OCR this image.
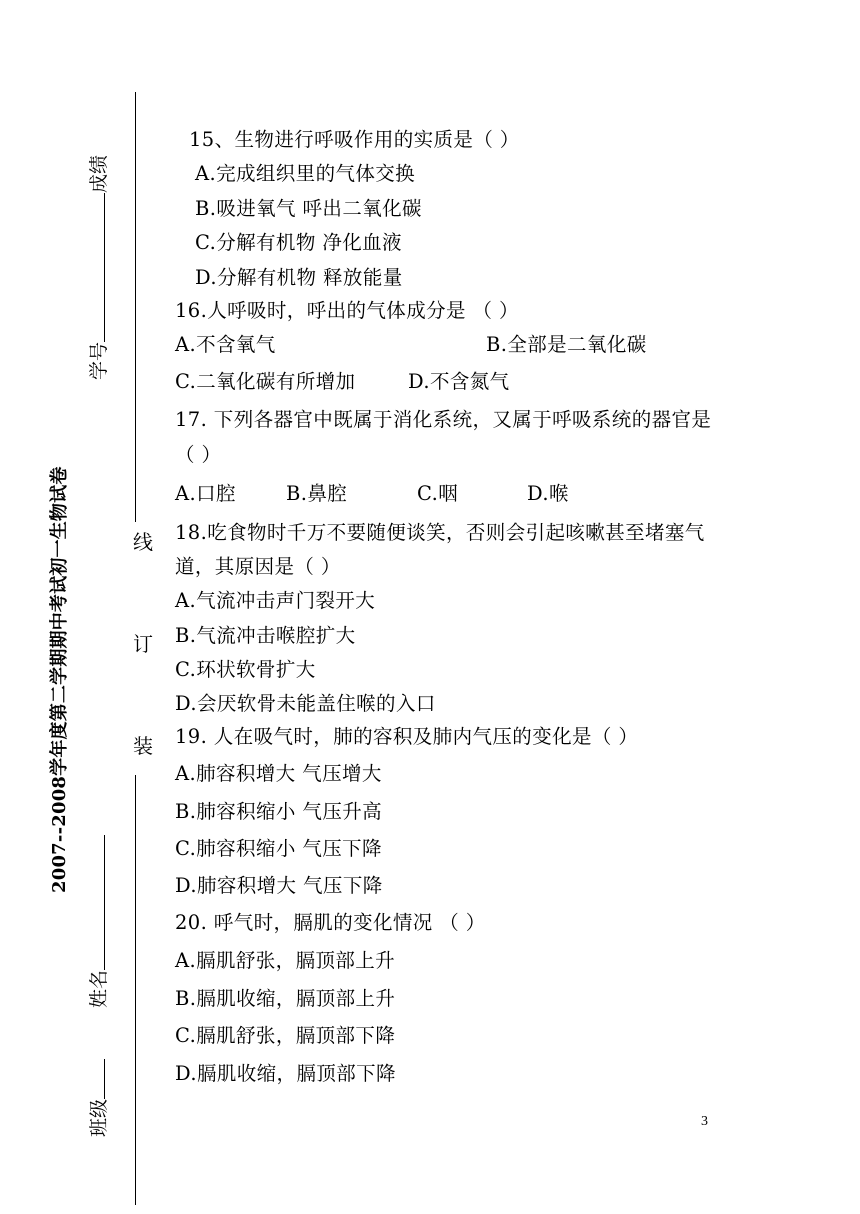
线
订
装
2007--2008学年度第二学期期中考试初一生物试卷
成绩
学号
姓名
班级
15、生物进行呼吸作用的实质是（ ）
A.完成组织里的气体交换
B.吸进氧气 呼出二氧化碳
C.分解有机物 净化血液
D.分解有机物 释放能量
16.人呼吸时，呼出的气体成分是 （ ）
A.不含氧气	B.全部是二氧化碳
C.二氧化碳有所增加	D.不含氮气
17. 下列各器官中既属于消化系统，又属于呼吸系统的器官是
（ ）
A.口腔	B.鼻腔	C.咽	D.喉
18.吃食物时千万不要随便谈笑，否则会引起咳嗽甚至堵塞气
道，其原因是（ ）
A.气流冲击声门裂开大
B.气流冲击喉腔扩大
C.环状软骨扩大
D.会厌软骨未能盖住喉的入口
19. 人在吸气时，肺的容积及肺内气压的变化是（ ）
A.肺容积增大 气压增大
B.肺容积缩小 气压升高
C.肺容积缩小 气压下降
D.肺容积增大 气压下降
20. 呼气时，膈肌的变化情况 （ ）
A.膈肌舒张，膈顶部上升
B.膈肌收缩，膈顶部上升
C.膈肌舒张，膈顶部下降
D.膈肌收缩，膈顶部下降
3
